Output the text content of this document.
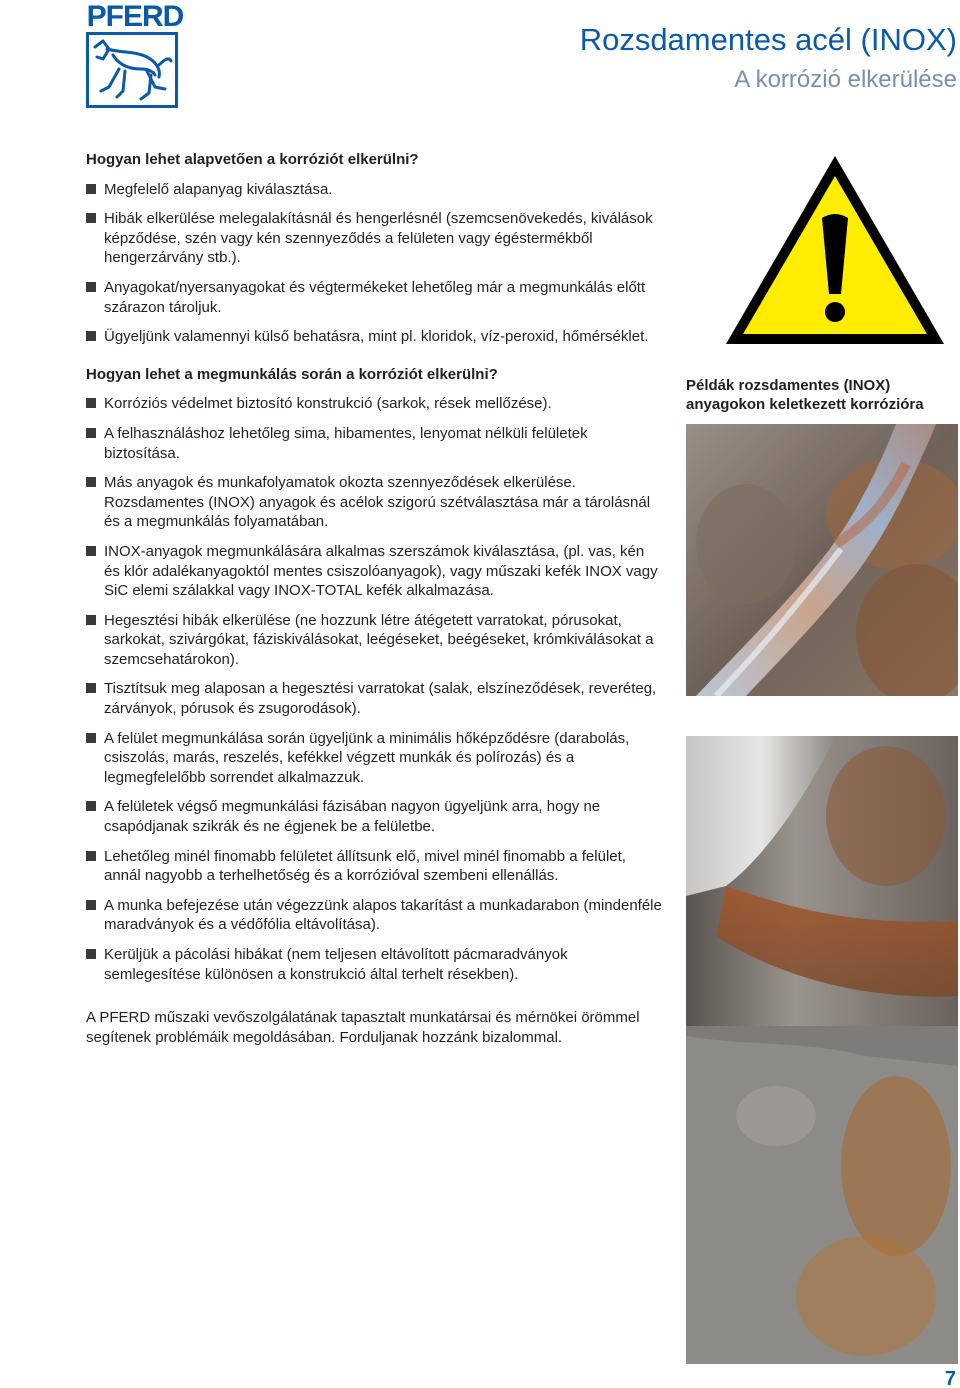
PFERD
Rozsdamentes acél (INOX)
A korrózió elkerülése
Hogyan lehet alapvetően a korróziót elkerülni?
Megfelelő alapanyag kiválasztása.
Hibák elkerülése melegalakításnál és hengerlésnél (szemcsenövekedés, kiválások képződése, szén vagy kén szennyeződés a felületen vagy égéstermékből hengerzárvány stb.).
Anyagokat/nyersanyagokat és végtermékeket lehetőleg már a megmunkálás előtt szárazon tároljuk.
Ügyeljünk valamennyi külső behatásra, mint pl. kloridok, víz-peroxid, hőmérséklet.
Hogyan lehet a megmunkálás során a korróziót elkerülni?
Korróziós védelmet biztosító konstrukció (sarkok, rések mellőzése).
A felhasználáshoz lehetőleg sima, hibamentes, lenyomat nélküli felületek biztosítása.
Más anyagok és munkafolyamatok okozta szennyeződések elkerülése. Rozsdamentes (INOX) anyagok és acélok szigorú szétválasztása már a tárolásnál és a megmunkálás folyamatában.
INOX-anyagok megmunkálására alkalmas szerszámok kiválasztása, (pl. vas, kén és klór adalékanyagoktól mentes csiszolóanyagok), vagy műszaki kefék INOX vagy SiC elemi szálakkal vagy INOX-TOTAL kefék alkalmazása.
Hegesztési hibák elkerülése (ne hozzunk létre átégetett varratokat, pórusokat, sarkokat, szivárgókat, fáziskiválásokat, leégéseket, beégéseket, krómkiválásokat a szemcsehatárokon).
Tisztítsuk meg alaposan a hegesztési varratokat (salak, elszíneződések, reveréteg, zárványok, pórusok és zsugorodások).
A felület megmunkálása során ügyeljünk a minimális hőképződésre (darabolás, csiszolás, marás, reszelés, kefékkel végzett munkák és polírozás) és a legmegfelelőbb sorrendet alkalmazzuk.
A felületek végső megmunkálási fázisában nagyon ügyeljünk arra, hogy ne csapódjanak szikrák és ne égjenek be a felületbe.
Lehetőleg minél finomabb felületet állítsunk elő, mivel minél finomabb a felület, annál nagyobb a terhelhetőség és a korrózióval szembeni ellenállás.
A munka befejezése után végezzünk alapos takarítást a munkadarabon (mindenféle maradványok és a védőfólia eltávolítása).
Kerüljük a pácolási hibákat (nem teljesen eltávolított pácmaradványok semlegesítése különösen a konstrukció által terhelt résekben).

A PFERD műszaki vevőszolgálatának tapasztalt munkatársai és mérnökei örömmel segítenek problémáik megoldásában. Forduljanak hozzánk bizalommal.

Példák rozsdamentes (INOX) anyagokon keletkezett korrózióra
7
